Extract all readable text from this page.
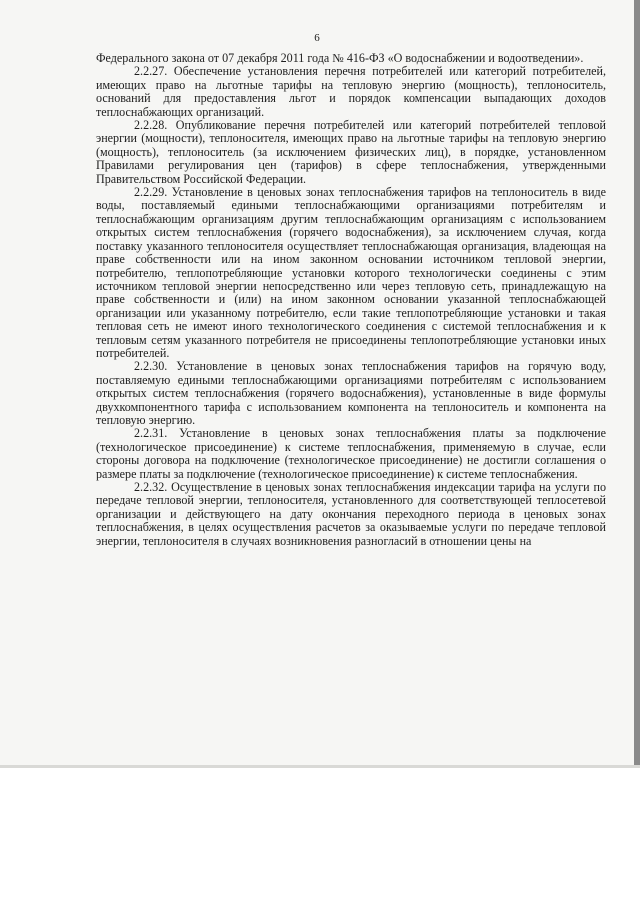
6

Федерального закона от 07 декабря 2011 года № 416-ФЗ «О водоснабжении и водоотведении».

2.2.27. Обеспечение установления перечня потребителей или категорий потребителей, имеющих право на льготные тарифы на тепловую энергию (мощность), теплоноситель, оснований для предоставления льгот и порядок компенсации выпадающих доходов теплоснабжающих организаций.

2.2.28. Опубликование перечня потребителей или категорий потребителей тепловой энергии (мощности), теплоносителя, имеющих право на льготные тарифы на тепловую энергию (мощность), теплоноситель (за исключением физических лиц), в порядке, установленном Правилами регулирования цен (тарифов) в сфере теплоснабжения, утвержденными Правительством Российской Федерации.

2.2.29. Установление в ценовых зонах теплоснабжения тарифов на теплоноситель в виде воды, поставляемый едиными теплоснабжающими организациями потребителям и теплоснабжающим организациям другим теплоснабжающим организациям с использованием открытых систем теплоснабжения (горячего водоснабжения), за исключением случая, когда поставку указанного теплоносителя осуществляет теплоснабжающая организация, владеющая на праве собственности или на ином законном основании источником тепловой энергии, потребителю, теплопотребляющие установки которого технологически соединены с этим источником тепловой энергии непосредственно или через тепловую сеть, принадлежащую на праве собственности и (или) на ином законном основании указанной теплоснабжающей организации или указанному потребителю, если такие теплопотребляющие установки и такая тепловая сеть не имеют иного технологического соединения с системой теплоснабжения и к тепловым сетям указанного потребителя не присоединены теплопотребляющие установки иных потребителей.

2.2.30. Установление в ценовых зонах теплоснабжения тарифов на горячую воду, поставляемую едиными теплоснабжающими организациями потребителям с использованием открытых систем теплоснабжения (горячего водоснабжения), установленные в виде формулы двухкомпонентного тарифа с использованием компонента на теплоноситель и компонента на тепловую энергию.

2.2.31. Установление в ценовых зонах теплоснабжения платы за подключение (технологическое присоединение) к системе теплоснабжения, применяемую в случае, если стороны договора на подключение (технологическое присоединение) не достигли соглашения о размере платы за подключение (технологическое присоединение) к системе теплоснабжения.

2.2.32. Осуществление в ценовых зонах теплоснабжения индексации тарифа на услуги по передаче тепловой энергии, теплоносителя, установленного для соответствующей теплосетевой организации и действующего на дату окончания переходного периода в ценовых зонах теплоснабжения, в целях осуществления расчетов за оказываемые услуги по передаче тепловой энергии, теплоносителя в случаях возникновения разногласий в отношении цены на
